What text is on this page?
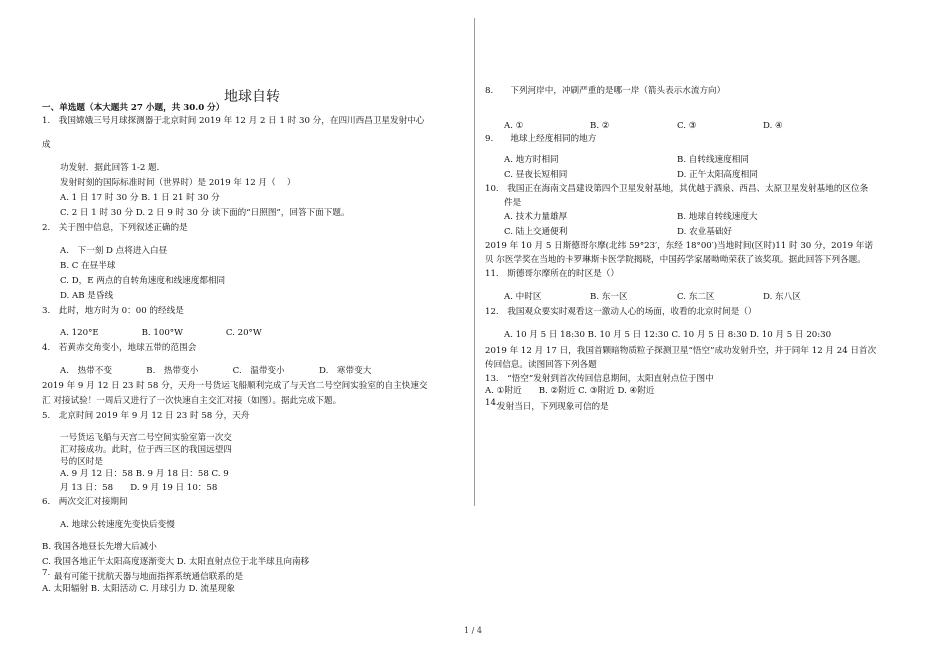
地球自转
一、单选题（本大题共 27 小题，共 30.0 分）
1.　我国嫦娥三号月球探测器于北京时间 2019 年 12 月 2 日 1 时 30 分，在四川西昌卫星发射中心
成
功发射．据此回答 1-2 题．
发射时刻的国际标准时间（世界时）是 2019 年 12 月（　 ）
A. 1 日 17 时 30 分 B. 1 日 21 时 30 分
C. 2 日 1 时 30 分 D. 2 日 9 时 30 分 读下面的“日照图”，回答下面下题。
2.　关于图中信息，下列叙述正确的是
A.　下一刻 D 点将进入白昼
B. C 在昼半球
C. D，E 两点的自转角速度和线速度都相同
D. AB 是昏线
3.　此时，地方时为 0：00 的经线是
A. 120°E　　　　　B. 100°W　　　　　C. 20°W
4.　若黄赤交角变小，地球五带的范围会
A.　热带不变　　　　B.　热带变小　　　　C.　温带变小　　　　D.　寒带变大
2019 年 9 月 12 日 23 时 58 分，天舟一号货运飞船顺利完成了与天宫二号空间实验室的自主快速交
汇 对接试验！一周后又进行了一次快速自主交汇对接（如图）。据此完成下题。
5.　北京时间 2019 年 9 月 12 日 23 时 58 分，天舟
一号货运飞船与天宫二号空间实验室第一次交
汇对接成功。此时，位于西三区的我国远望四
号的区时是
A. 9 月 12 日：58 B. 9 月 18 日：58 C. 9
月 13 日：58　　D. 9 月 19 日 10：58
6.　两次交汇对接期间
A. 地球公转速度先变快后变慢
B. 我国各地昼长先增大后减小
C. 我国各地正午太阳高度逐渐变大 D. 太阳直射点位于北半球且向南移
7. 最有可能干扰航天器与地面指挥系统通信联系的是
A. 太阳辐射 B. 太阳活动 C. 月球引力 D. 流星现象
8.　　下列河岸中，冲刷严重的是哪一岸（箭头表示水流方向）
A. ①	B. ②	C. ③	D. ④
9.　　地球上经度相同的地方
A. 地方时相同	B. 自转线速度相同
C. 昼夜长短相同	D. 正午太阳高度相同
10.　我国正在海南文昌建设第四个卫星发射基地，其优越于酒泉、西昌、太原卫星发射基地的区位条
件是
A. 技术力量雄厚	B. 地球自转线速度大
C. 陆上交通便利	D. 农业基础好
2019 年 10 月 5 日斯德哥尔摩(北纬 59°23′，东经 18°00′)当地时间(区时)11 时 30 分，2019 年诺
贝 尔医学奖在当地的卡罗琳斯卡医学院揭晓，中国药学家屠呦呦荣获了该奖项。据此回答下列各题。
11.　斯德哥尔摩所在的时区是（）
A. 中时区	B. 东一区	C. 东二区	D. 东八区
12.　我国观众要实时观看这一激动人心的场面，收看的北京时间是（）
A. 10 月 5 日 18:30 B. 10 月 5 日 12:30 C. 10 月 5 日 8:30 D. 10 月 5 日 20:30
2019 年 12 月 17 日，我国首颗暗物质粒子探测卫星“悟空”成功发射升空，并于同年 12 月 24 日首次
传回信息。读图回答下列各题
13.　“悟空”发射到首次传回信息期间，太阳直射点位于图中
A. ①附近　　B. ②附近 C. ③附近 D. ④附近
14.
发射当日，下列现象可信的是
1 / 4
